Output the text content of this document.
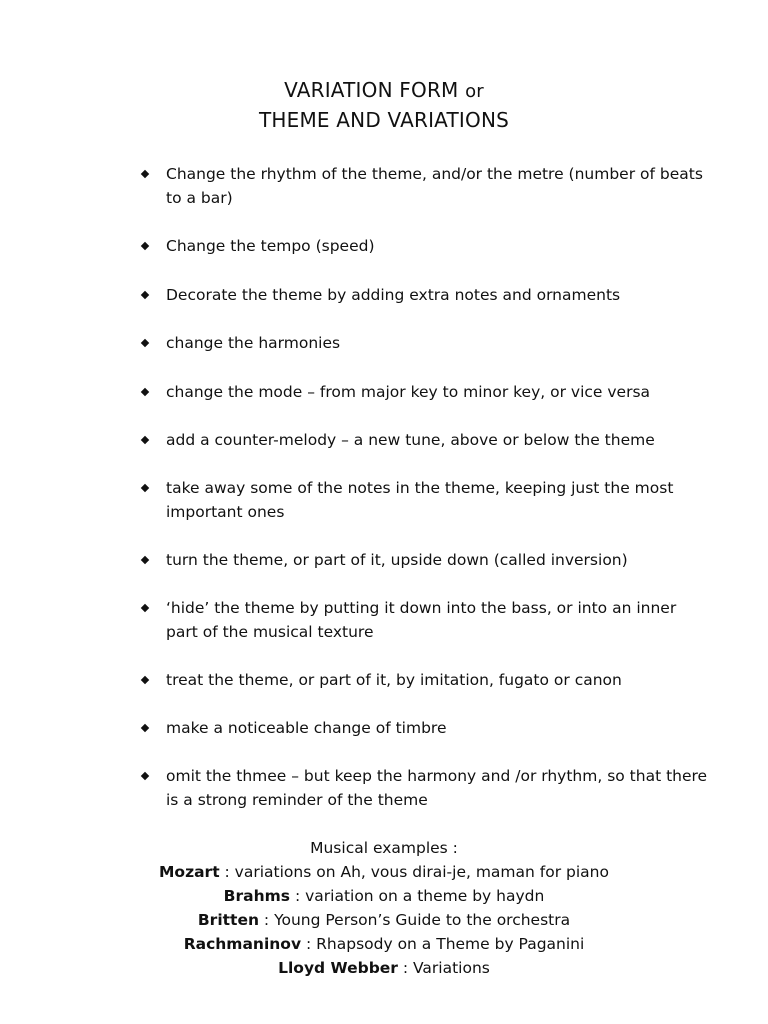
VARIATION FORM or
THEME AND VARIATIONS
Change the rhythm of the theme, and/or the metre (number of beats to a bar)
Change the tempo (speed)
Decorate the theme by adding extra notes and ornaments
change the harmonies
change the mode – from major key to minor key, or vice versa
add a counter-melody – a new tune, above or below the theme
take away some of the notes in the theme, keeping just the most important ones
turn the theme, or part of it, upside down (called inversion)
‘hide’ the theme by putting it down into the bass, or into an inner part of the musical texture
treat the theme, or part of it, by imitation, fugato or canon
make a noticeable change of timbre
omit the thmee – but keep the harmony and /or rhythm, so that there is a strong reminder of the theme
Musical examples :
Mozart : variations on Ah, vous dirai-je, maman for piano
Brahms : variation on a theme by haydn
Britten : Young Person’s Guide to the orchestra
Rachmaninov : Rhapsody on a Theme by Paganini
Lloyd Webber : Variations
